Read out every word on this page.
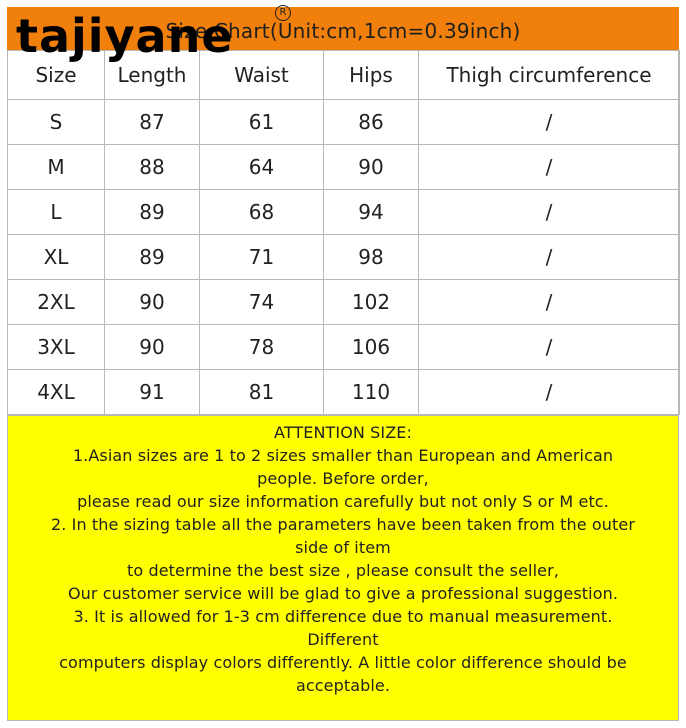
Size Chart(Unit:cm,1cm=0.39inch)
Size	Length	Waist	Hips	Thigh circumference
S	87	61	86	/
M	88	64	90	/
L	89	68	94	/
XL	89	71	98	/
2XL	90	74	102	/
3XL	90	78	106	/
4XL	91	81	110	/
tajiyane	R
ATTENTION SIZE:
1.Asian sizes are 1 to 2 sizes smaller than European and American
people. Before order,
please read our size information carefully but not only S or M etc.
2. In the sizing table all the parameters have been taken from the outer
side of item
to determine the best size , please consult the seller,
Our customer service will be glad to give a professional suggestion.
3. It is allowed for 1-3 cm difference due to manual measurement.
Different
computers display colors differently. A little color difference should be
acceptable.
